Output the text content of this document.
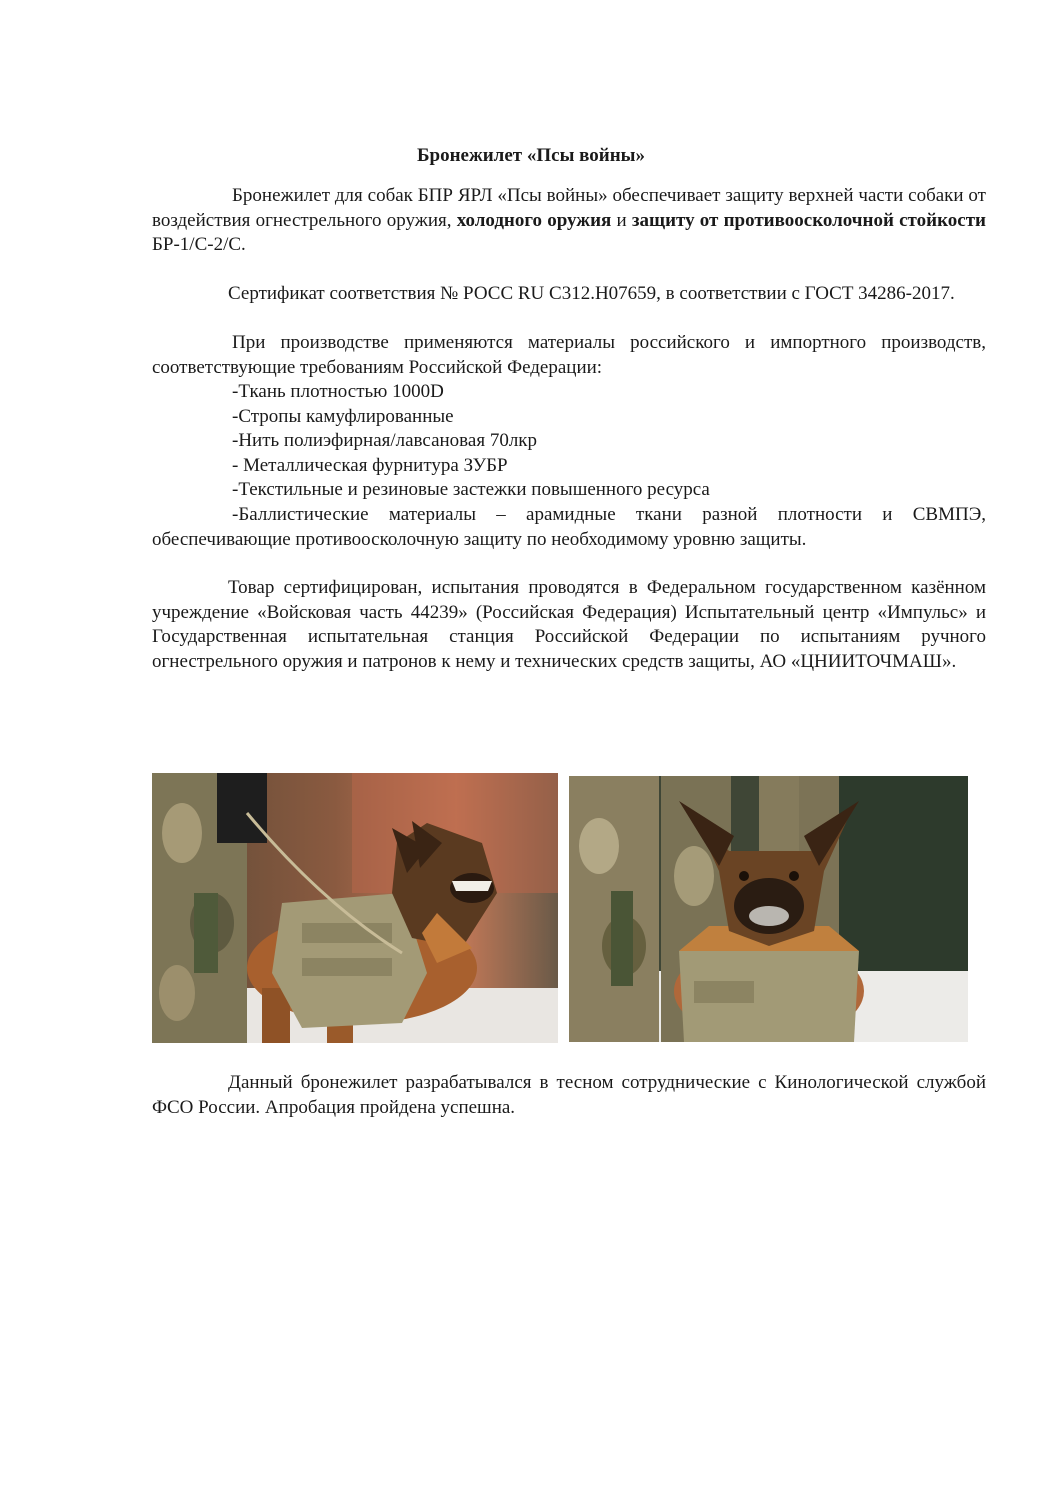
Бронежилет «Псы войны»
Бронежилет для собак БПР ЯРЛ «Псы войны» обеспечивает защиту верхней части собаки от воздействия огнестрельного оружия, холодного оружия и защиту от противоосколочной стойкости БР-1/С-2/С.
Сертификат соответствия № РОСС RU C312.H07659, в соответствии с ГОСТ 34286-2017.
При производстве применяются материалы российского и импортного производств, соответствующие требованиям Российской Федерации:
-Ткань плотностью 1000D
-Стропы камуфлированные
-Нить полиэфирная/лавсановая 70лкр
- Металлическая фурнитура ЗУБР
-Текстильные и резиновые застежки повышенного ресурса
-Баллистические материалы – арамидные ткани разной плотности и СВМПЭ, обеспечивающие противоосколочную защиту по необходимому уровню защиты.
Товар сертифицирован, испытания проводятся в Федеральном государственном казённом учреждение «Войсковая часть 44239» (Российская Федерация) Испытательный центр «Импульс» и Государственная испытательная станция Российской Федерации по испытаниям ручного огнестрельного оружия и патронов к нему и технических средств защиты, АО «ЦНИИТОЧМАШ».
Данный бронежилет разрабатывался в тесном сотруднические с Кинологической службой ФСО России. Апробация пройдена успешна.
